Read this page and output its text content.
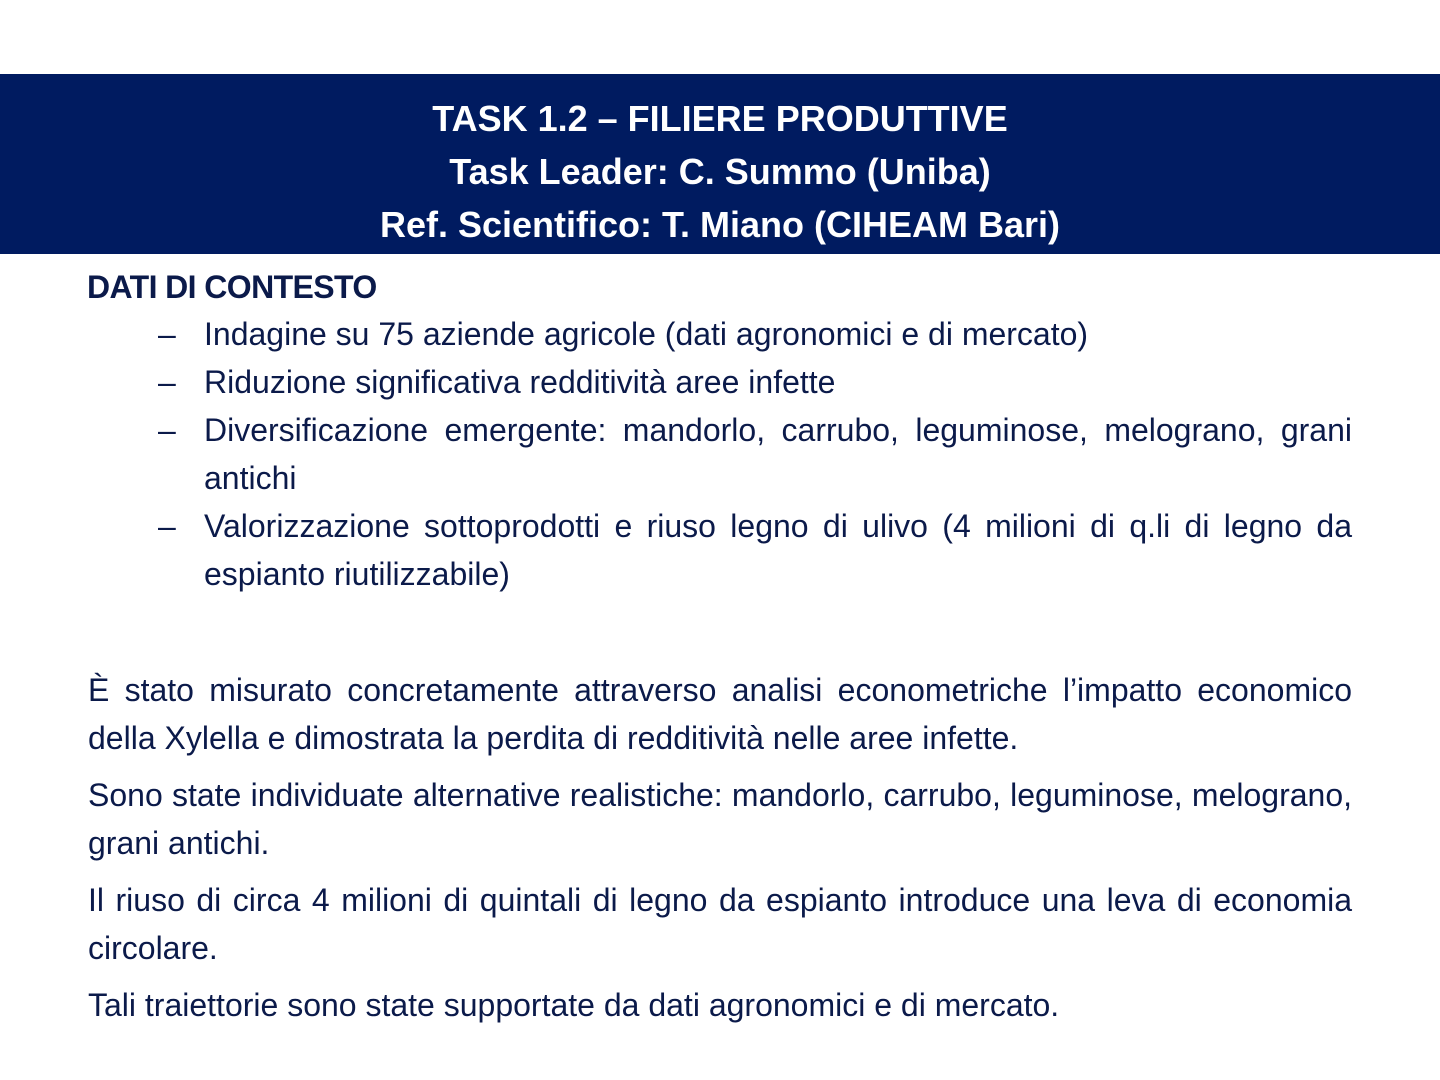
TASK 1.2 – FILIERE PRODUTTIVE
Task Leader: C. Summo (Uniba)
Ref. Scientifico: T. Miano (CIHEAM Bari)
DATI DI CONTESTO
– Indagine su 75 aziende agricole (dati agronomici e di mercato)
– Riduzione significativa redditività aree infette
– Diversificazione emergente: mandorlo, carrubo, leguminose, melograno, grani antichi
– Valorizzazione sottoprodotti e riuso legno di ulivo (4 milioni di q.li di legno da espianto riutilizzabile)

È stato misurato concretamente attraverso analisi econometriche l’impatto economico della Xylella e dimostrata la perdita di redditività nelle aree infette.

Sono state individuate alternative realistiche: mandorlo, carrubo, leguminose, melograno, grani antichi.

Il riuso di circa 4 milioni di quintali di legno da espianto introduce una leva di economia circolare.

Tali traiettorie sono state supportate da dati agronomici e di mercato.
